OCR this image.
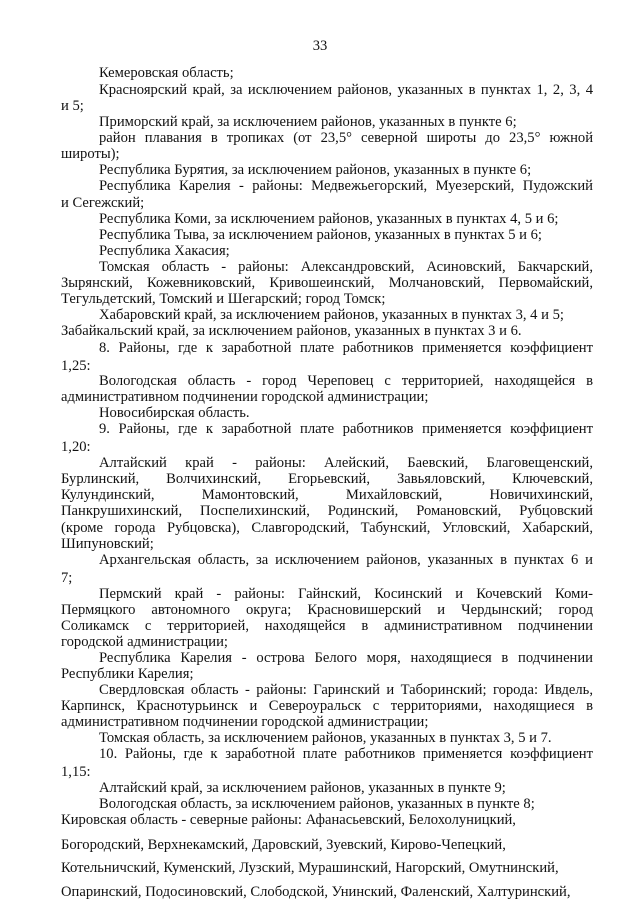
33
Кемеровская область;
Красноярский край, за исключением районов, указанных в пунктах 1, 2, 3, 4
и 5;
Приморский край, за исключением районов, указанных в пункте 6;
район плавания в тропиках (от 23,5° северной широты до 23,5° южной
широты);
Республика Бурятия, за исключением районов, указанных в пункте 6;
Республика Карелия - районы: Медвежьегорский, Муезерский, Пудожский
и Сегежский;
Республика Коми, за исключением районов, указанных в пунктах 4, 5 и 6;
Республика Тыва, за исключением районов, указанных в пунктах 5 и 6;
Республика Хакасия;
Томская область - районы: Александровский, Асиновский, Бакчарский,
Зырянский, Кожевниковский, Кривошеинский, Молчановский, Первомайский,
Тегульдетский, Томский и Шегарский; город Томск;
Хабаровский край, за исключением районов, указанных в пунктах 3, 4 и 5;
Забайкальский край, за исключением районов, указанных в пунктах 3 и 6.
8. Районы, где к заработной плате работников применяется коэффициент
1,25:
Вологодская область - город Череповец с территорией, находящейся в
административном подчинении городской администрации;
Новосибирская область.
9. Районы, где к заработной плате работников применяется коэффициент
1,20:
Алтайский край - районы: Алейский, Баевский, Благовещенский,
Бурлинский, Волчихинский, Егорьевский, Завьяловский, Ключевский,
Кулундинский, Мамонтовский, Михайловский, Новичихинский,
Панкрушихинский, Поспелихинский, Родинский, Романовский, Рубцовский
(кроме города Рубцовска), Славгородский, Табунский, Угловский, Хабарский,
Шипуновский;
Архангельская область, за исключением районов, указанных в пунктах 6 и
7;
Пермский край - районы: Гайнский, Косинский и Кочевский Коми-
Пермяцкого автономного округа; Красновишерский и Чердынский; город
Соликамск с территорией, находящейся в административном подчинении
городской администрации;
Республика Карелия - острова Белого моря, находящиеся в подчинении
Республики Карелия;
Свердловская область - районы: Гаринский и Таборинский; города: Ивдель,
Карпинск, Краснотурьинск и Североуральск с территориями, находящиеся в
административном подчинении городской администрации;
Томская область, за исключением районов, указанных в пунктах 3, 5 и 7.
10. Районы, где к заработной плате работников применяется коэффициент
1,15:
Алтайский край, за исключением районов, указанных в пункте 9;
Вологодская область, за исключением районов, указанных в пункте 8;
Кировская область - северные районы: Афанасьевский, Белохолуницкий,
Богородский, Верхнекамский, Даровский, Зуевский, Кирово-Чепецкий,
Котельничский, Куменский, Лузский, Мурашинский, Нагорский, Омутнинский,
Опаринский, Подосиновский, Слободской, Унинский, Фаленский, Халтуринский,
